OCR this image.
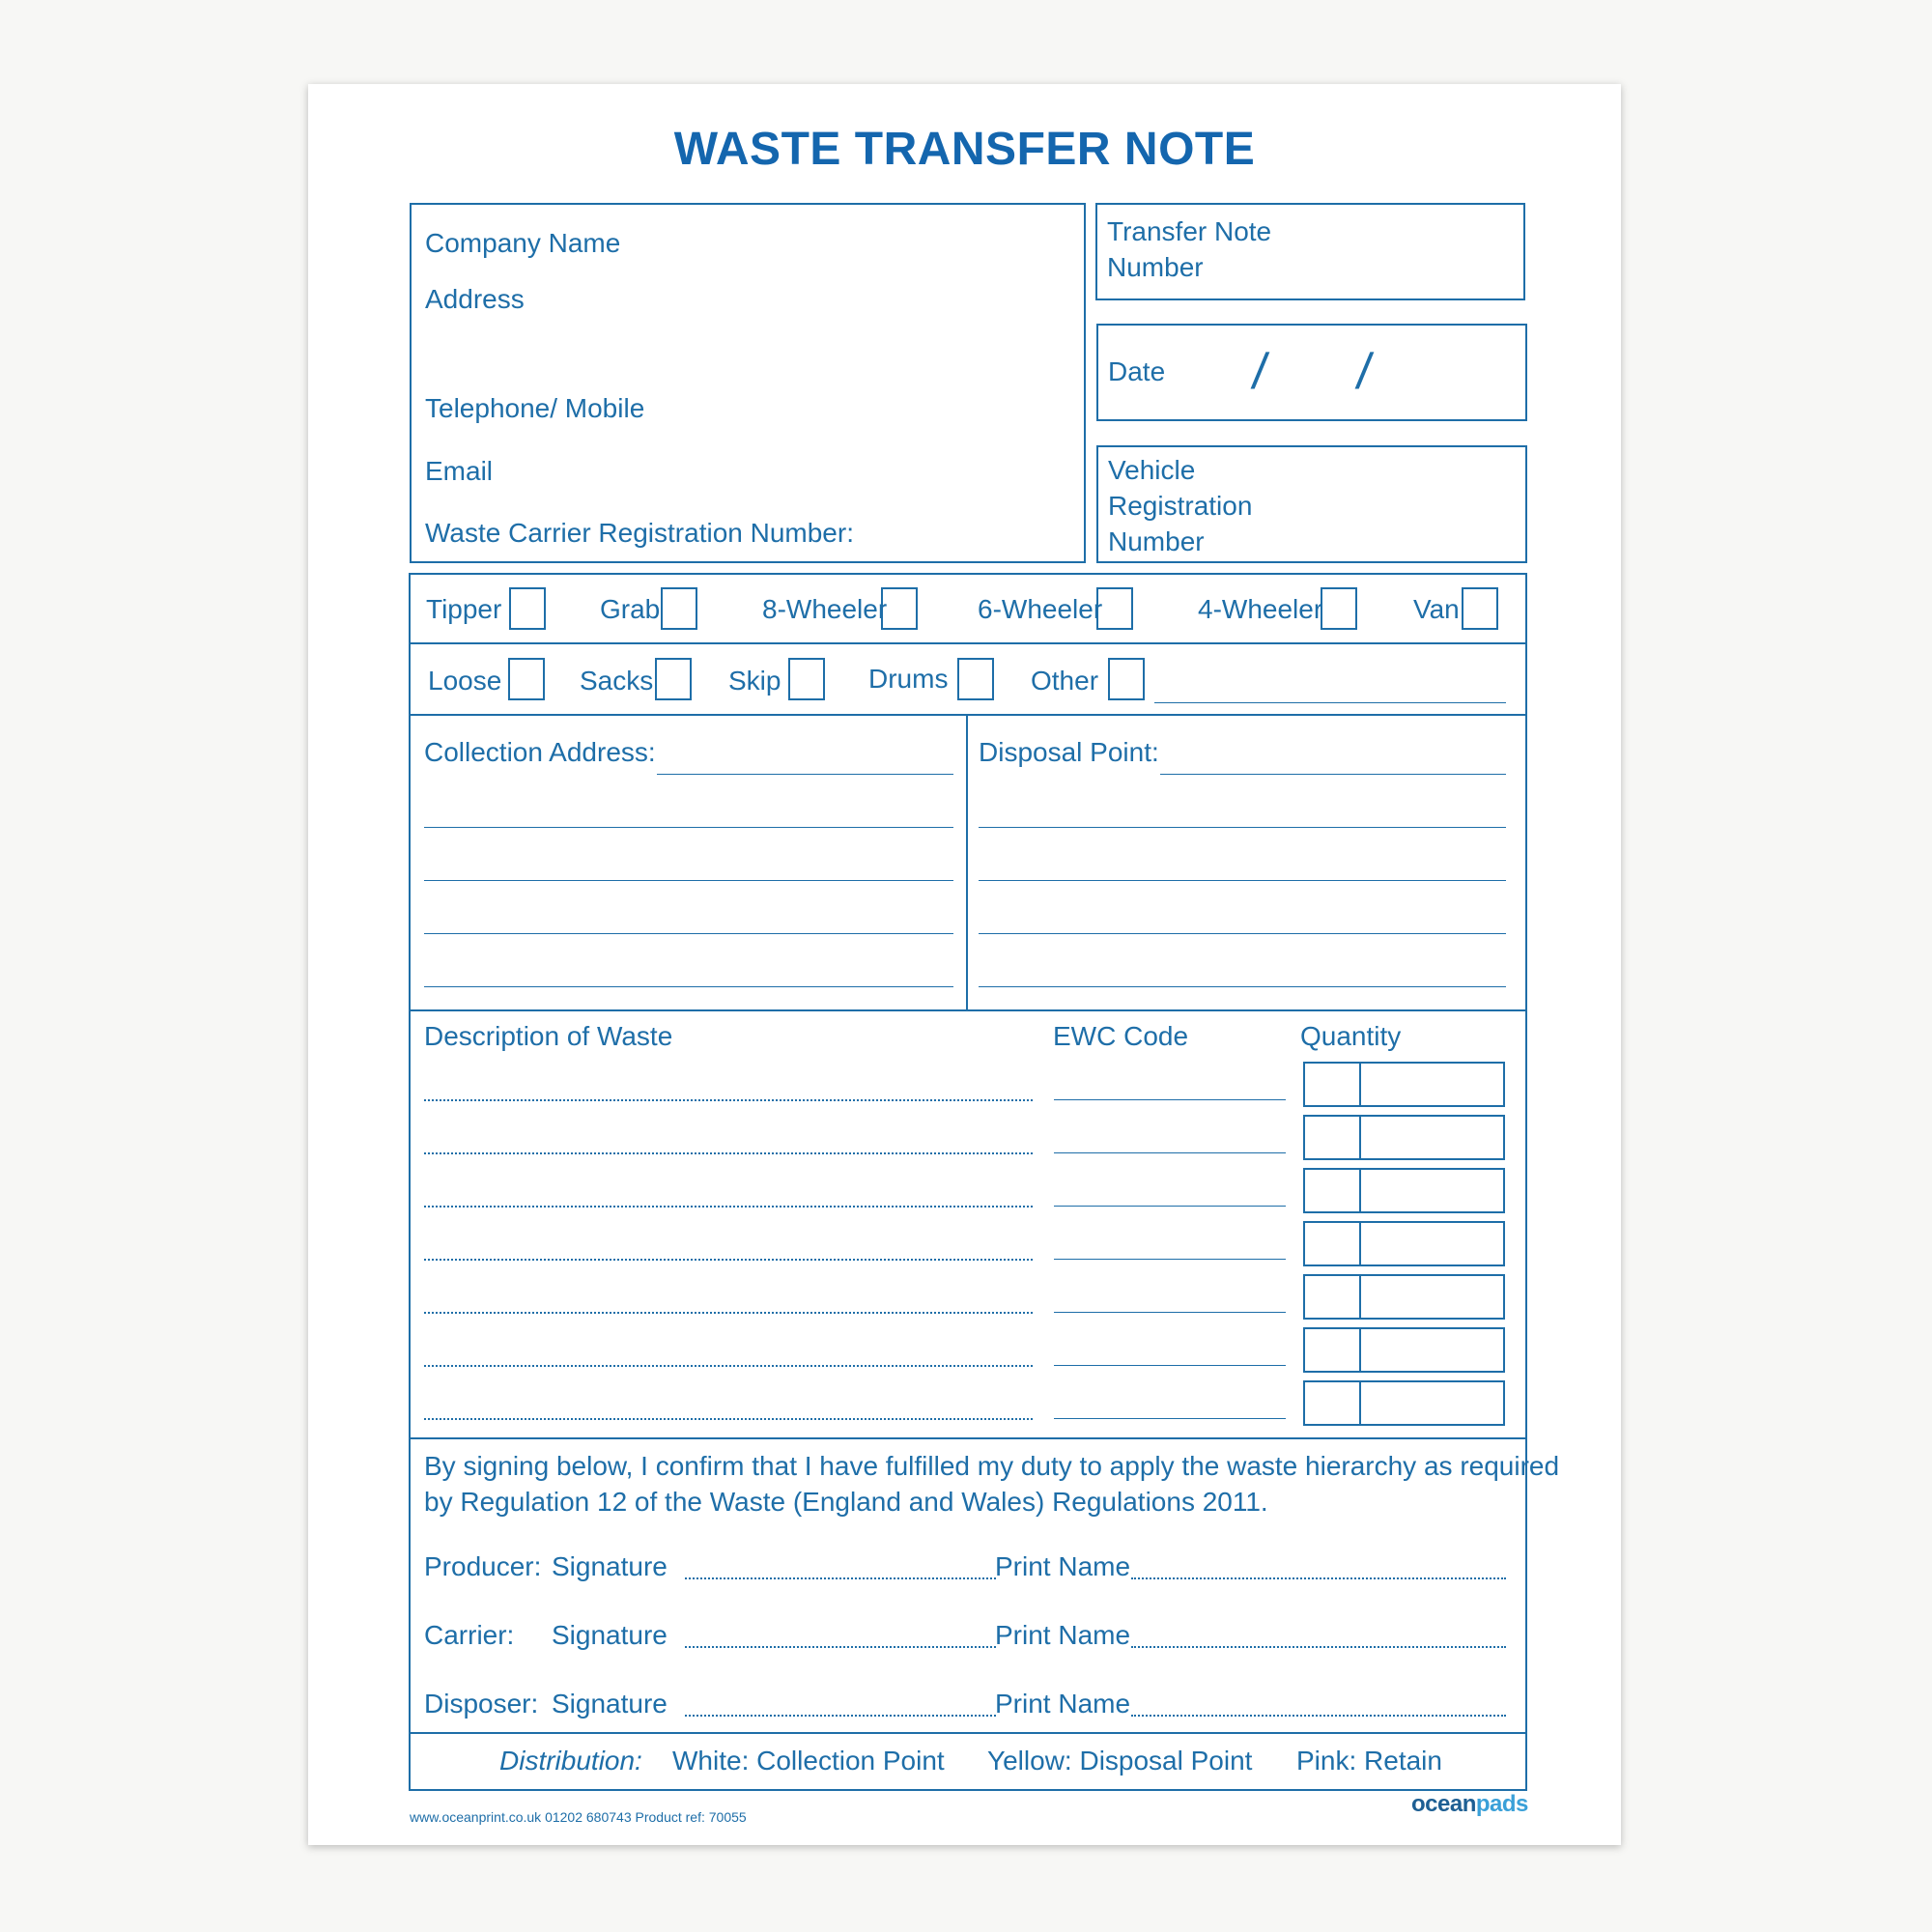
WASTE TRANSFER NOTE
Company Name
Address
Telephone/ Mobile
Email
Waste Carrier Registration Number:
Transfer Note
Number
Date / /
Vehicle
Registration
Number
Tipper	Grab	8-Wheeler	6-Wheeler	4-Wheeler	Van
Loose	Sacks	Skip	Drums	Other
Collection Address:	Disposal Point:
Description of Waste	EWC Code	Quantity
By signing below, I confirm that I have fulfilled my duty to apply the waste hierarchy as required
by Regulation 12 of the Waste (England and Wales) Regulations 2011.
Producer: Signature	Print Name
Carrier: Signature	Print Name
Disposer: Signature	Print Name
Distribution: White: Collection Point Yellow: Disposal Point Pink: Retain
www.oceanprint.co.uk 01202 680743 Product ref: 70055	oceanpads
